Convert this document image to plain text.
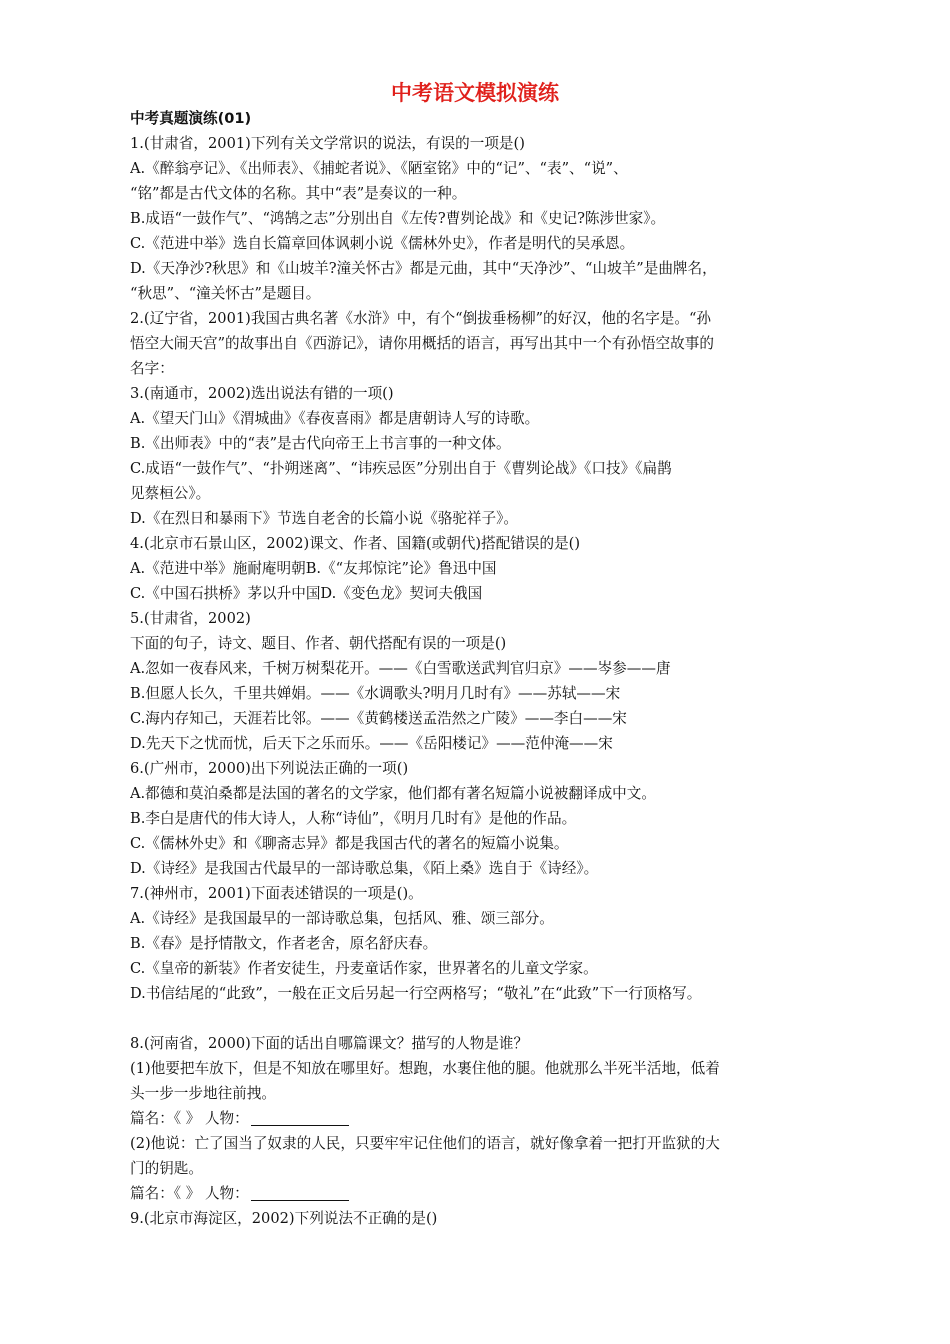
中考语文模拟演练
中考真题演练(01)
1.(甘肃省，2001)下列有关文学常识的说法，有误的一项是()
A.《醉翁亭记》、《出师表》、《捕蛇者说》、《陋室铭》中的“记”、“表”、“说”、
“铭”都是古代文体的名称。其中“表”是奏议的一种。
B.成语“一鼓作气”、“鸿鹄之志”分别出自《左传?曹刿论战》和《史记?陈涉世家》。
C.《范进中举》选自长篇章回体讽刺小说《儒林外史》，作者是明代的吴承恩。
D.《天净沙?秋思》和《山坡羊?潼关怀古》都是元曲，其中“天净沙”、“山坡羊”是曲牌名，
“秋思”、“潼关怀古”是题目。
2.(辽宁省，2001)我国古典名著《水浒》中，有个“倒拔垂杨柳”的好汉，他的名字是。“孙
悟空大闹天宫”的故事出自《西游记》，请你用概括的语言，再写出其中一个有孙悟空故事的
名字：
3.(南通市，2002)选出说法有错的一项()
A.《望天门山》《渭城曲》《春夜喜雨》都是唐朝诗人写的诗歌。
B.《出师表》中的“表”是古代向帝王上书言事的一种文体。
C.成语“一鼓作气”、“扑朔迷离”、“讳疾忌医”分别出自于《曹刿论战》《口技》《扁鹊
见蔡桓公》。
D.《在烈日和暴雨下》节选自老舍的长篇小说《骆驼祥子》。
4.(北京市石景山区，2002)课文、作者、国籍(或朝代)搭配错误的是()
A.《范进中举》施耐庵明朝B.《“友邦惊诧”论》鲁迅中国
C.《中国石拱桥》茅以升中国D.《变色龙》契诃夫俄国
5.(甘肃省，2002)
下面的句子，诗文、题目、作者、朝代搭配有误的一项是()
A.忽如一夜春风来，千树万树梨花开。——《白雪歌送武判官归京》——岑参——唐
B.但愿人长久，千里共婵娟。——《水调歌头?明月几时有》——苏轼——宋
C.海内存知己，天涯若比邻。——《黄鹤楼送孟浩然之广陵》——李白——宋
D.先天下之忧而忧，后天下之乐而乐。——《岳阳楼记》——范仲淹——宋
6.(广州市，2000)出下列说法正确的一项()
A.都德和莫泊桑都是法国的著名的文学家，他们都有著名短篇小说被翻译成中文。
B.李白是唐代的伟大诗人，人称“诗仙”，《明月几时有》是他的作品。
C.《儒林外史》和《聊斋志异》都是我国古代的著名的短篇小说集。
D.《诗经》是我国古代最早的一部诗歌总集，《陌上桑》选自于《诗经》。
7.(神州市，2001)下面表述错误的一项是()。
A.《诗经》是我国最早的一部诗歌总集，包括风、雅、颂三部分。
B.《春》是抒情散文，作者老舍，原名舒庆春。
C.《皇帝的新装》作者安徒生，丹麦童话作家，世界著名的儿童文学家。
D.书信结尾的“此致”，一般在正文后另起一行空两格写；“敬礼”在“此致”下一行顶格写。
8.(河南省，2000)下面的话出自哪篇课文？描写的人物是谁？
(1)他要把车放下，但是不知放在哪里好。想跑，水裹住他的腿。他就那么半死半活地，低着
头一步一步地往前拽。
篇名：《 》 人物：
(2)他说：亡了国当了奴隶的人民，只要牢牢记住他们的语言，就好像拿着一把打开监狱的大
门的钥匙。
篇名：《 》 人物：
9.(北京市海淀区，2002)下列说法不正确的是()
